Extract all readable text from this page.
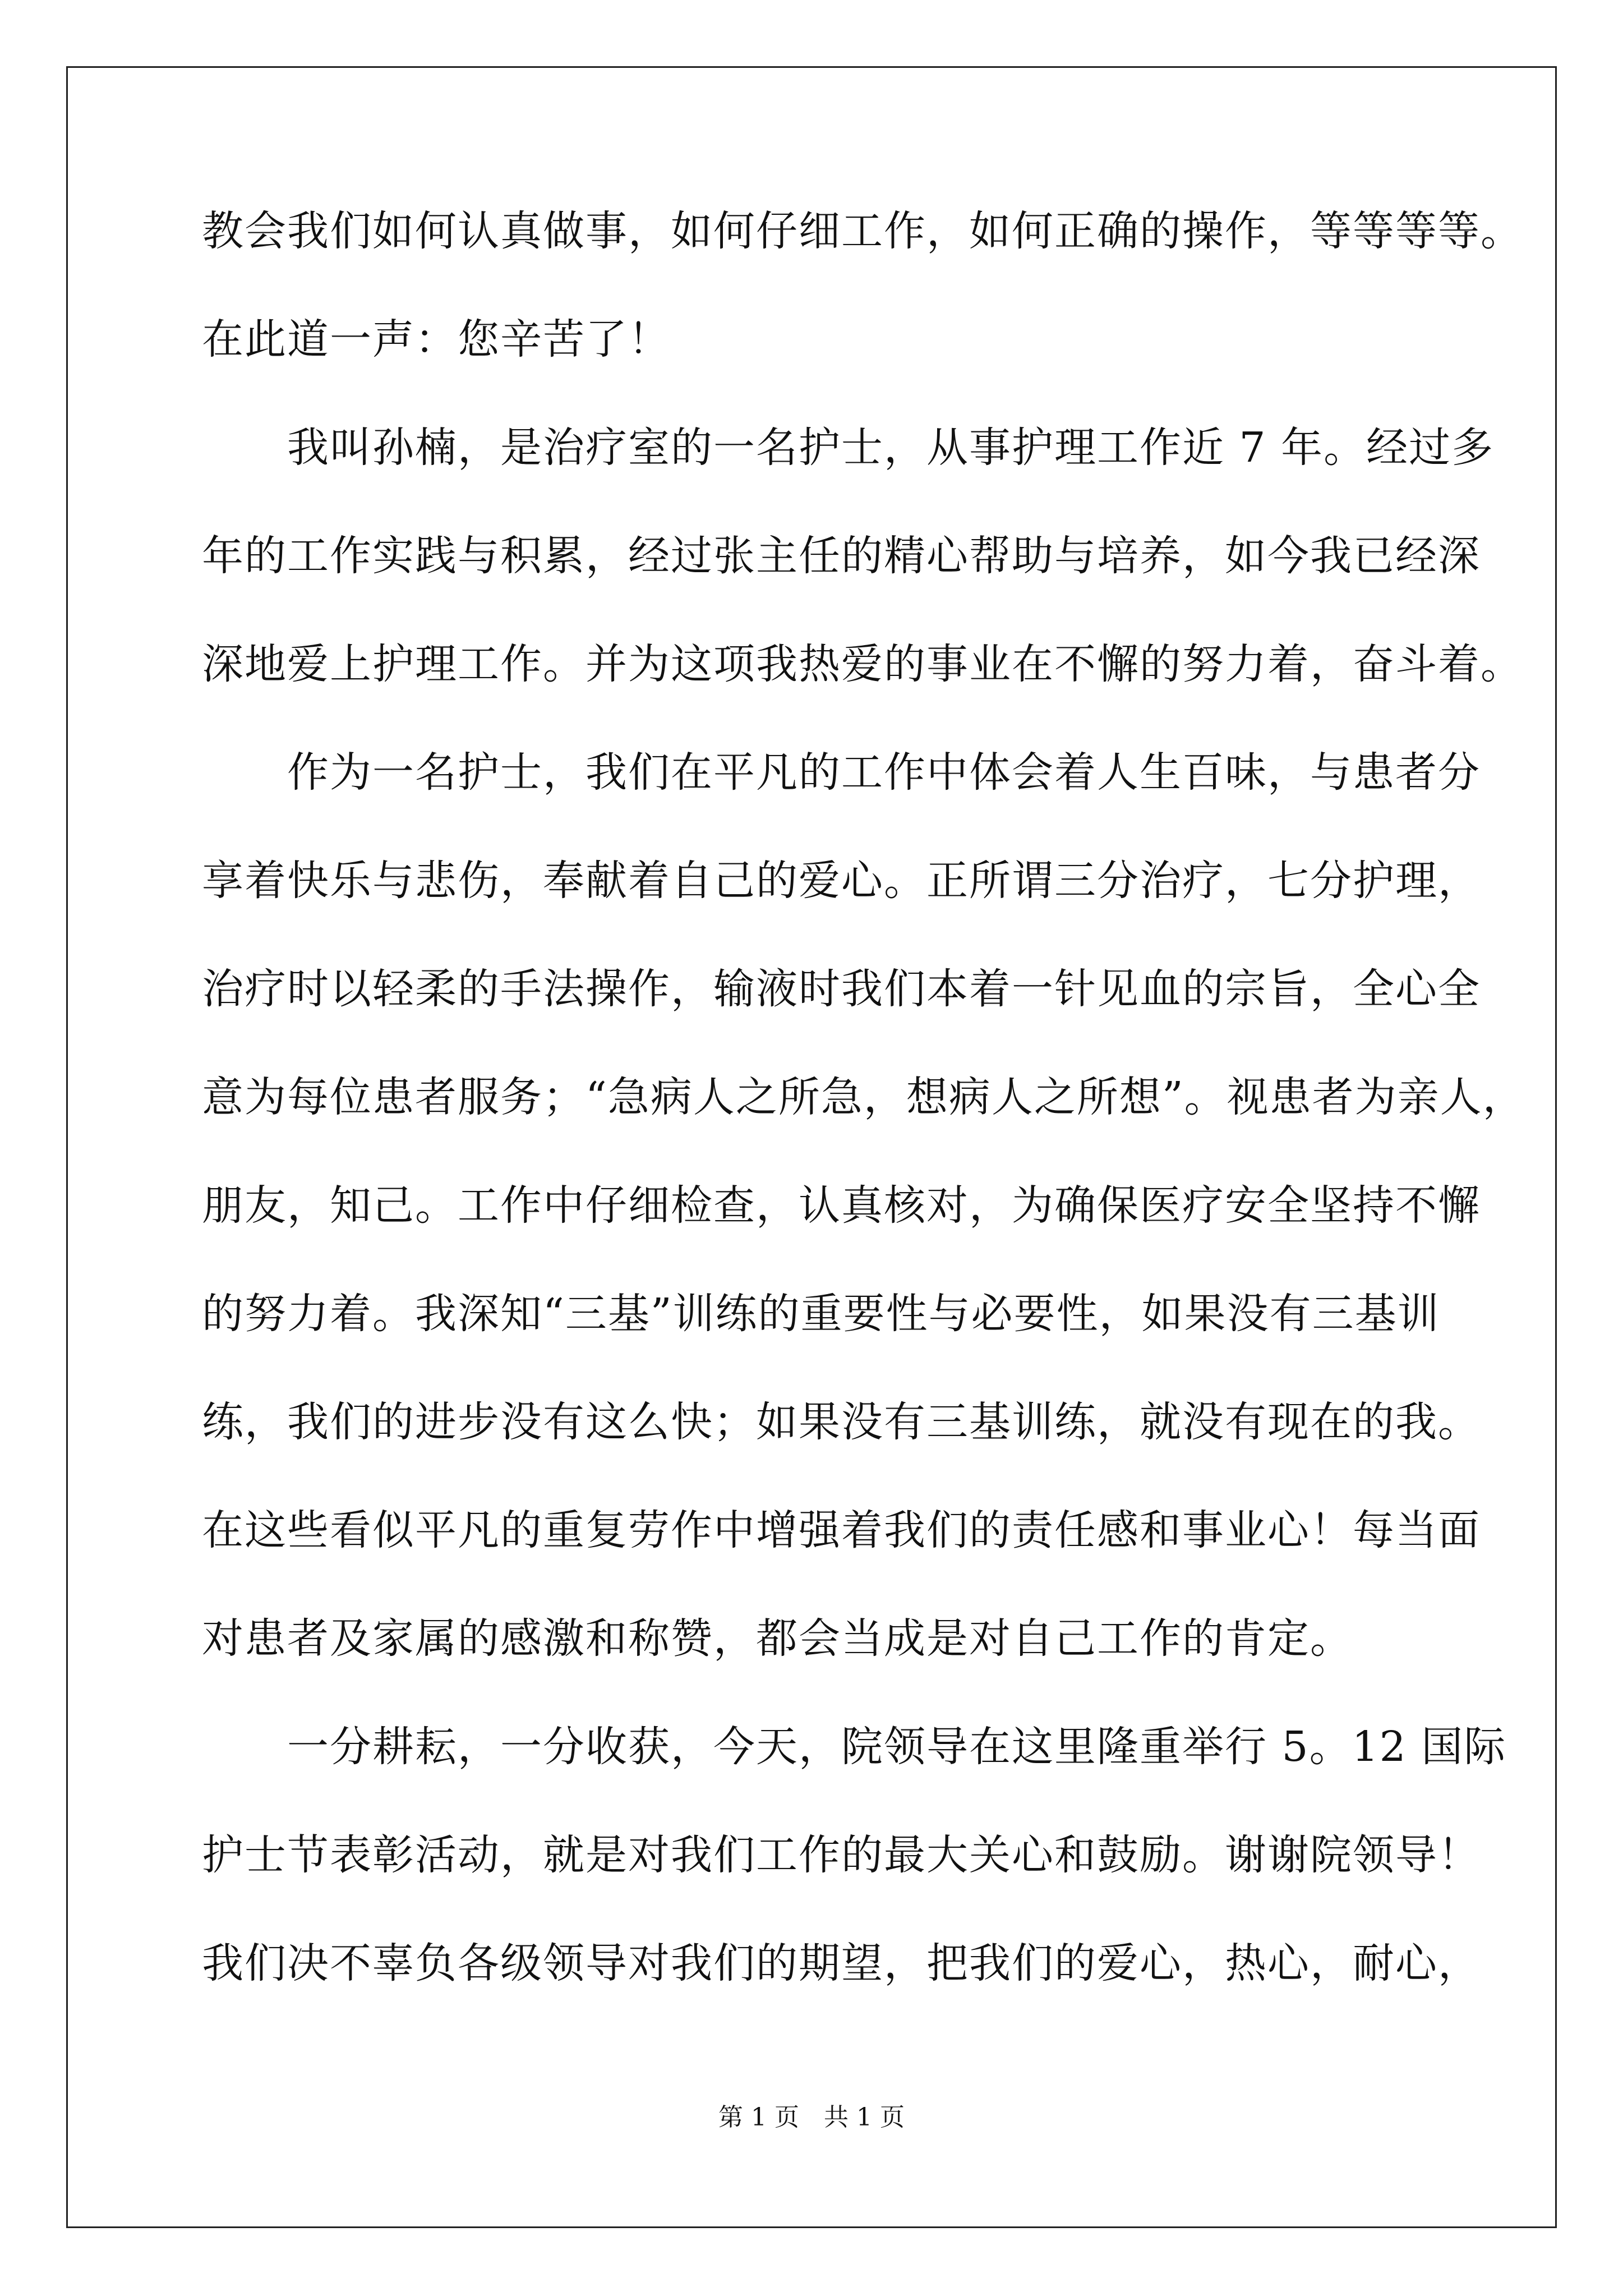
教会我们如何认真做事，如何仔细工作，如何正确的操作，等等等等。
在此道一声：您辛苦了！
　　我叫孙楠，是治疗室的一名护士，从事护理工作近 7 年。经过多
年的工作实践与积累，经过张主任的精心帮助与培养，如今我已经深
深地爱上护理工作。并为这项我热爱的事业在不懈的努力着，奋斗着。
　　作为一名护士，我们在平凡的工作中体会着人生百味，与患者分
享着快乐与悲伤，奉献着自己的爱心。正所谓三分治疗，七分护理，
治疗时以轻柔的手法操作，输液时我们本着一针见血的宗旨，全心全
意为每位患者服务；“急病人之所急，想病人之所想”。视患者为亲人，
朋友，知己。工作中仔细检查，认真核对，为确保医疗安全坚持不懈
的努力着。我深知“三基”训练的重要性与必要性，如果没有三基训
练，我们的进步没有这么快；如果没有三基训练，就没有现在的我。
在这些看似平凡的重复劳作中增强着我们的责任感和事业心！每当面
对患者及家属的感激和称赞，都会当成是对自己工作的肯定。
　　一分耕耘，一分收获，今天，院领导在这里隆重举行 5。12 国际
护士节表彰活动，就是对我们工作的最大关心和鼓励。谢谢院领导！
我们决不辜负各级领导对我们的期望，把我们的爱心，热心，耐心，
第 1 页　共 1 页
